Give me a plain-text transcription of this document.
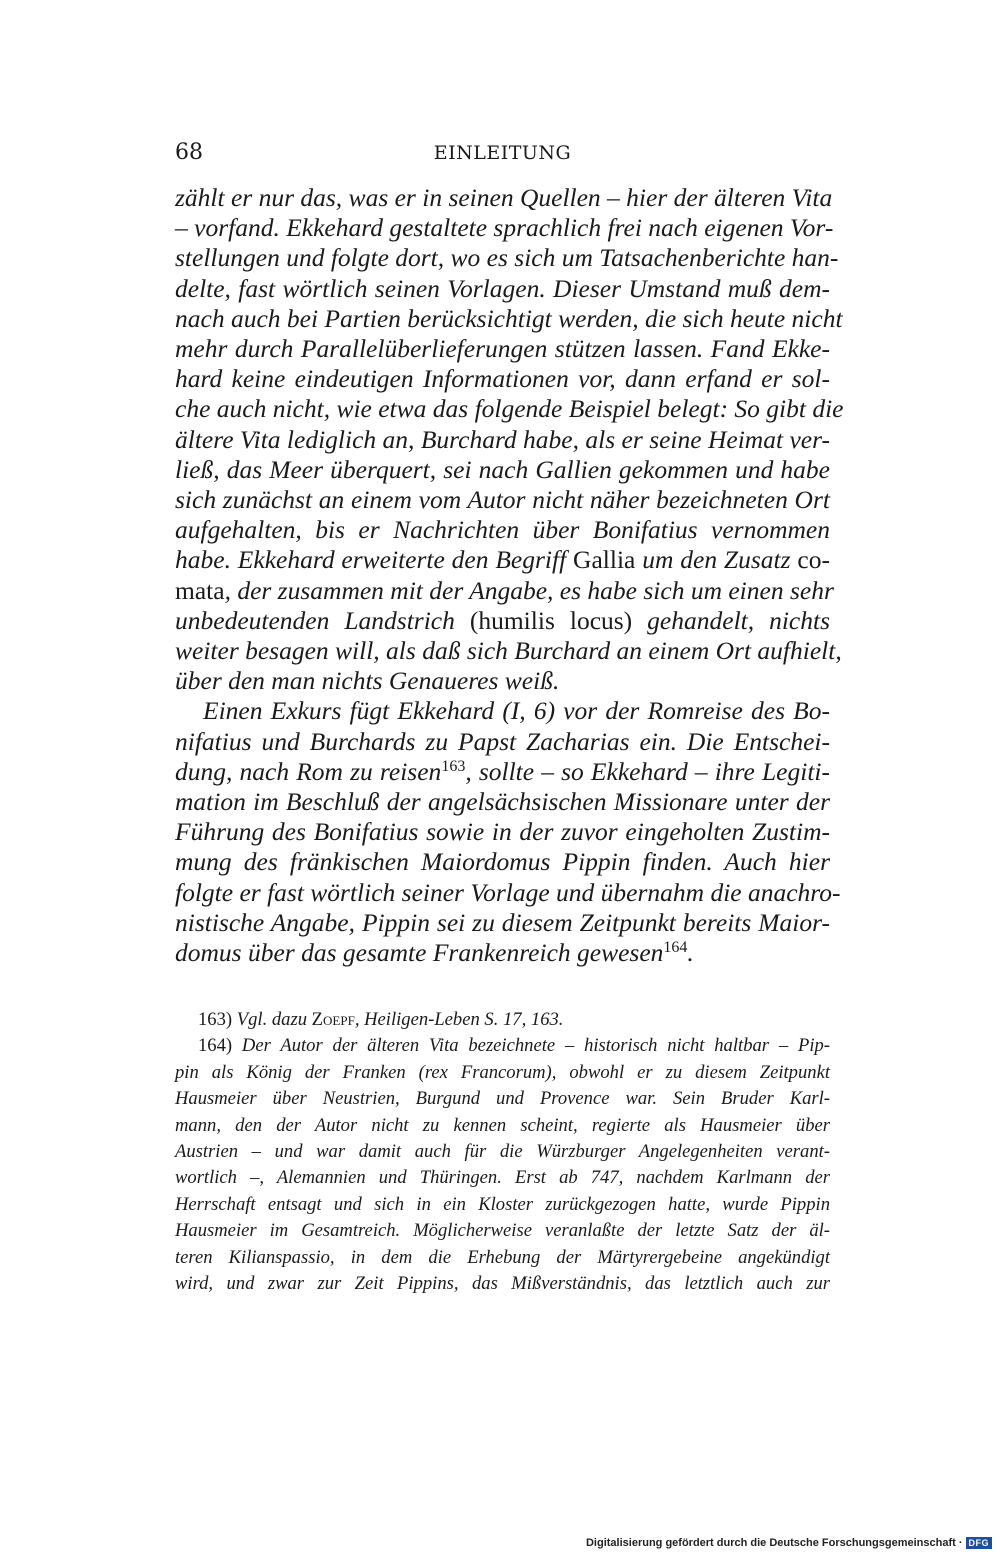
68	EINLEITUNG
zählt er nur das, was er in seinen Quellen – hier der älteren Vita
– vorfand. Ekkehard gestaltete sprachlich frei nach eigenen Vor-
stellungen und folgte dort, wo es sich um Tatsachenberichte han-
delte, fast wörtlich seinen Vorlagen. Dieser Umstand muß dem-
nach auch bei Partien berücksichtigt werden, die sich heute nicht
mehr durch Parallelüberlieferungen stützen lassen. Fand Ekke-
hard keine eindeutigen Informationen vor, dann erfand er sol-
che auch nicht, wie etwa das folgende Beispiel belegt: So gibt die
ältere Vita lediglich an, Burchard habe, als er seine Heimat ver-
ließ, das Meer überquert, sei nach Gallien gekommen und habe
sich zunächst an einem vom Autor nicht näher bezeichneten Ort
aufgehalten, bis er Nachrichten über Bonifatius vernommen
habe. Ekkehard erweiterte den Begriff Gallia um den Zusatz co-
mata, der zusammen mit der Angabe, es habe sich um einen sehr
unbedeutenden Landstrich (humilis locus) gehandelt, nichts
weiter besagen will, als daß sich Burchard an einem Ort aufhielt,
über den man nichts Genaueres weiß.
Einen Exkurs fügt Ekkehard (I, 6) vor der Romreise des Bo-
nifatius und Burchards zu Papst Zacharias ein. Die Entschei-
dung, nach Rom zu reisen$^{163}$, sollte – so Ekkehard – ihre Legiti-
mation im Beschluß der angelsächsischen Missionare unter der
Führung des Bonifatius sowie in der zuvor eingeholten Zustim-
mung des fränkischen Maiordomus Pippin finden. Auch hier
folgte er fast wörtlich seiner Vorlage und übernahm die anachro-
nistische Angabe, Pippin sei zu diesem Zeitpunkt bereits Maior-
domus über das gesamte Frankenreich gewesen$^{164}$.
163) Vgl. dazu Zoepf, Heiligen-Leben S. 17, 163.
164) Der Autor der älteren Vita bezeichnete – historisch nicht haltbar – Pip-
pin als König der Franken (rex Francorum), obwohl er zu diesem Zeitpunkt
Hausmeier über Neustrien, Burgund und Provence war. Sein Bruder Karl-
mann, den der Autor nicht zu kennen scheint, regierte als Hausmeier über
Austrien – und war damit auch für die Würzburger Angelegenheiten verant-
wortlich –, Alemannien und Thüringen. Erst ab 747, nachdem Karlmann der
Herrschaft entsagt und sich in ein Kloster zurückgezogen hatte, wurde Pippin
Hausmeier im Gesamtreich. Möglicherweise veranlaßte der letzte Satz der äl-
teren Kilianspassio, in dem die Erhebung der Märtyrergebeine angekündigt
wird, und zwar zur Zeit Pippins, das Mißverständnis, das letztlich auch zur
Digitalisierung gefördert durch die Deutsche Forschungsgemeinschaft · DFG
